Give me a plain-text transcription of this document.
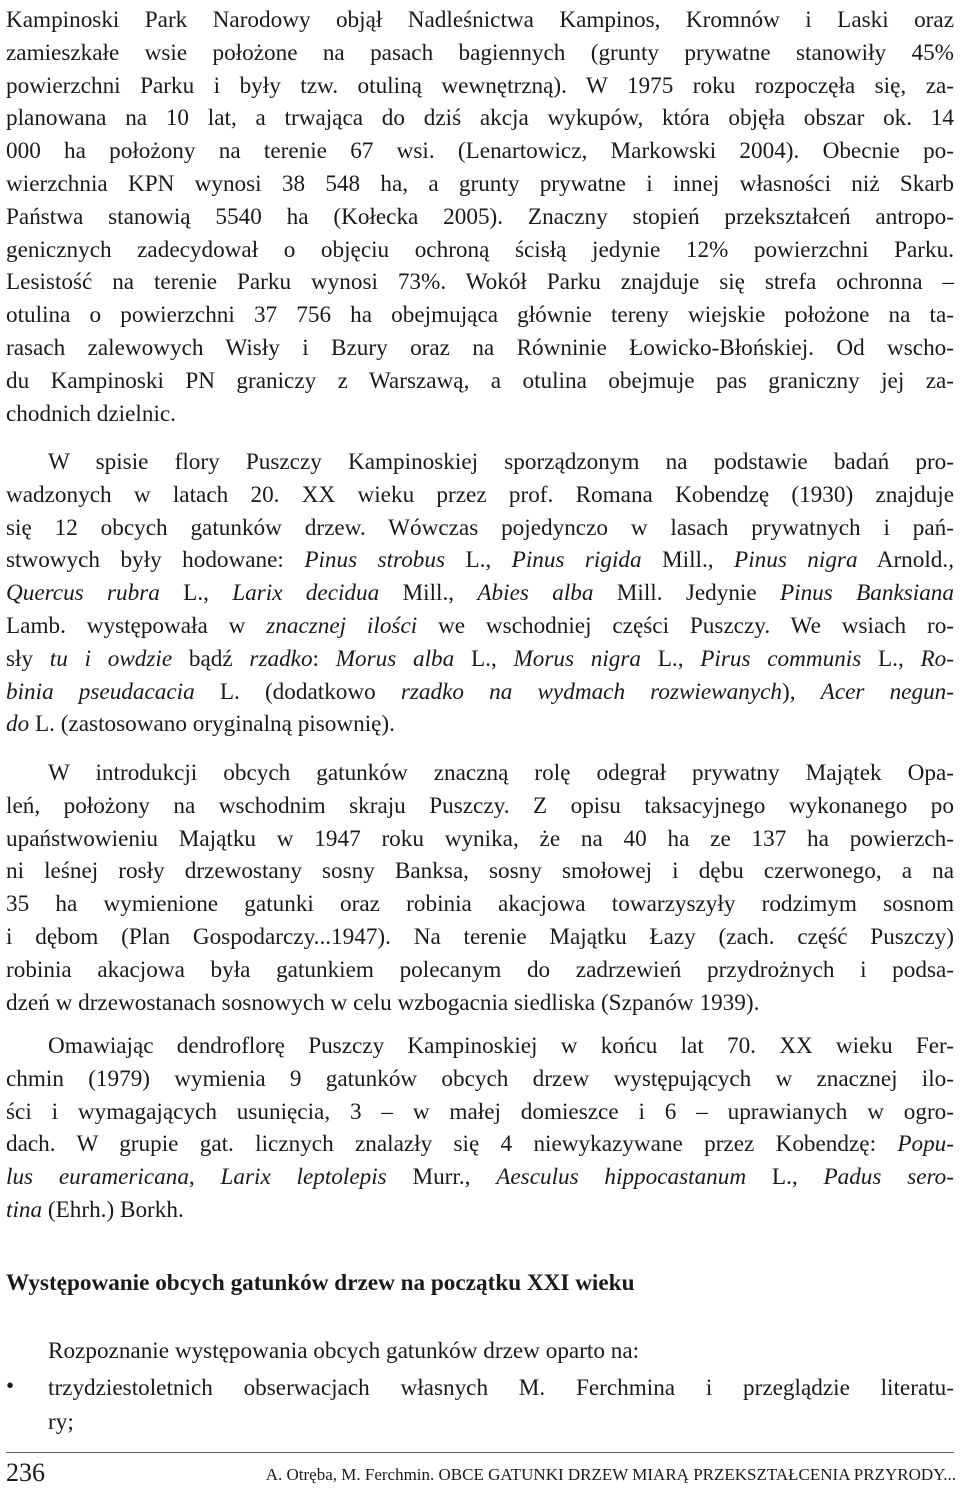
Kampinoski Park Narodowy objął Nadleśnictwa Kampinos, Kromnów i Laski oraz
zamieszkałe wsie położone na pasach bagiennych (grunty prywatne stanowiły 45%
powierzchni Parku i były tzw. otuliną wewnętrzną). W 1975 roku rozpoczęła się, za-
planowana na 10 lat, a trwająca do dziś akcja wykupów, która objęła obszar ok. 14
000 ha położony na terenie 67 wsi. (Lenartowicz, Markowski 2004). Obecnie po-
wierzchnia KPN wynosi 38 548 ha, a grunty prywatne i innej własności niż Skarb
Państwa stanowią 5540 ha (Kołecka 2005). Znaczny stopień przekształceń antropo-
genicznych zadecydował o objęciu ochroną ścisłą jedynie 12% powierzchni Parku.
Lesistość na terenie Parku wynosi 73%. Wokół Parku znajduje się strefa ochronna –
otulina o powierzchni 37 756 ha obejmująca głównie tereny wiejskie położone na ta-
rasach zalewowych Wisły i Bzury oraz na Równinie Łowicko-Błońskiej. Od wscho-
du Kampinoski PN graniczy z Warszawą, a otulina obejmuje pas graniczny jej za-
chodnich dzielnic.
W spisie flory Puszczy Kampinoskiej sporządzonym na podstawie badań pro-
wadzonych w latach 20. XX wieku przez prof. Romana Kobendzę (1930) znajduje
się 12 obcych gatunków drzew. Wówczas pojedynczo w lasach prywatnych i pań-
stwowych były hodowane: Pinus strobus L., Pinus rigida Mill., Pinus nigra Arnold.,
Quercus rubra L., Larix decidua Mill., Abies alba Mill. Jedynie Pinus Banksiana
Lamb. występowała w znacznej ilości we wschodniej części Puszczy. We wsiach ro-
sły tu i owdzie bądź rzadko: Morus alba L., Morus nigra L., Pirus communis L., Ro-
binia pseudacacia L. (dodatkowo rzadko na wydmach rozwiewanych), Acer negun-
do L. (zastosowano oryginalną pisownię).
W introdukcji obcych gatunków znaczną rolę odegrał prywatny Majątek Opa-
leń, położony na wschodnim skraju Puszczy. Z opisu taksacyjnego wykonanego po
upaństwowieniu Majątku w 1947 roku wynika, że na 40 ha ze 137 ha powierzch-
ni leśnej rosły drzewostany sosny Banksa, sosny smołowej i dębu czerwonego, a na
35 ha wymienione gatunki oraz robinia akacjowa towarzyszyły rodzimym sosnom
i dębom (Plan Gospodarczy...1947). Na terenie Majątku Łazy (zach. część Puszczy)
robinia akacjowa była gatunkiem polecanym do zadrzewień przydrożnych i podsa-
dzeń w drzewostanach sosnowych w celu wzbogacnia siedliska (Szpanów 1939).
Omawiając dendroflorę Puszczy Kampinoskiej w końcu lat 70. XX wieku Fer-
chmin (1979) wymienia 9 gatunków obcych drzew występujących w znacznej ilo-
ści i wymagających usunięcia, 3 – w małej domieszce i 6 – uprawianych w ogro-
dach. W grupie gat. licznych znalazły się 4 niewykazywane przez Kobendzę: Popu-
lus euramericana, Larix leptolepis Murr., Aesculus hippocastanum L., Padus sero-
tina (Ehrh.) Borkh.
Występowanie obcych gatunków drzew na początku XXI wieku
Rozpoznanie występowania obcych gatunków drzew oparto na:
• trzydziestoletnich obserwacjach własnych M. Ferchmina i przeglądzie literatu-
ry;
236	A. Otręba, M. Ferchmin. OBCE GATUNKI DRZEW MIARĄ PRZEKSZTAŁCENIA PRZYRODY...
